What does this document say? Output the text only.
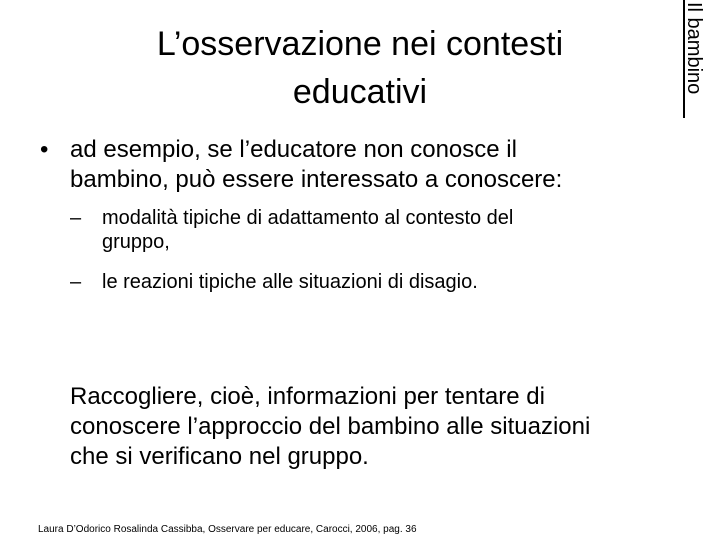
L’osservazione nei contesti
educativi	Il bambino
• ad esempio, se l’educatore non conosce il
bambino, può essere interessato a conoscere:
– modalità tipiche di adattamento al contesto del
gruppo,
– le reazioni tipiche alle situazioni di disagio.
Raccogliere, cioè, informazioni per tentare di
conoscere l’approccio del bambino alle situazioni
che si verificano nel gruppo.
Laura D’Odorico Rosalinda Cassibba, Osservare per educare, Carocci, 2006, pag. 36
